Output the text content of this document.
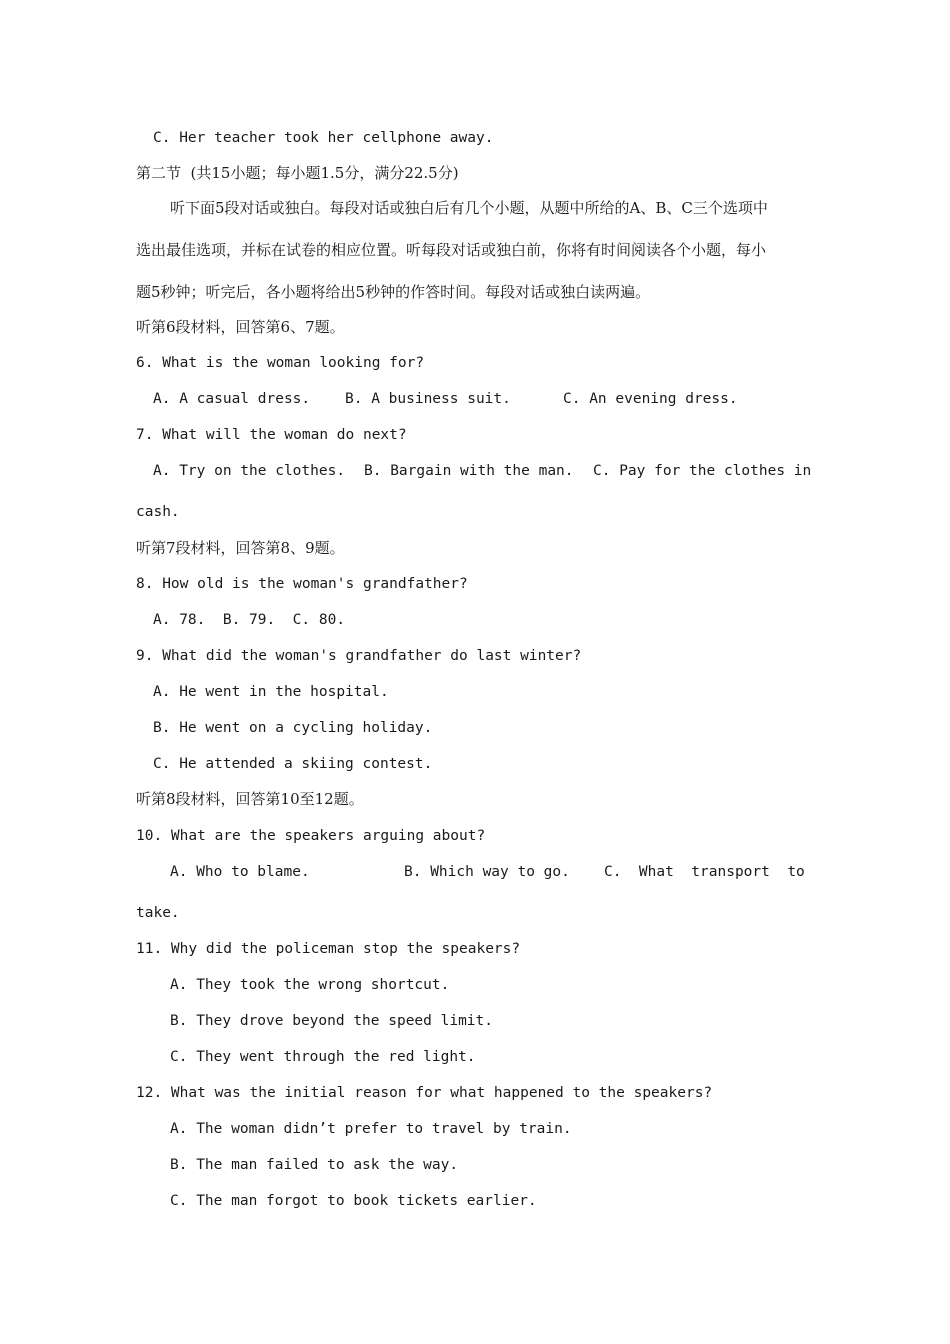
C. Her teacher took her cellphone away.
第二节  (共15小题；每小题1.5分，满分22.5分)
听下面5段对话或独白。每段对话或独白后有几个小题，从题中所给的A、B、C三个选项中
选出最佳选项，并标在试卷的相应位置。听每段对话或独白前，你将有时间阅读各个小题，每小
题5秒钟；听完后，各小题将给出5秒钟的作答时间。每段对话或独白读两遍。
听第6段材料，回答第6、7题。
6. What is the woman looking for?

A. A casual dress.

B. A business suit.

	C. An evening dress.

7. What will the woman do next?

A. Try on the clothes.

B. Bargain with the man.

C. Pay for the clothes in

cash.
听第7段材料，回答第8、9题。
8. How old is the woman's grandfather?
A. 78.  B. 79.  C. 80.
9. What did the woman's grandfather do last winter?
A. He went in the hospital.
B. He went on a cycling holiday.
C. He attended a skiing contest.
听第8段材料，回答第10至12题。
10. What are the speakers arguing about?

A. Who to blame.

	B. Which way to go.

C.  What  transport  to

take.
11. Why did the policeman stop the speakers?
A. They took the wrong shortcut.
B. They drove beyond the speed limit.
C. They went through the red light.
12. What was the initial reason for what happened to the speakers?
A. The woman didn’t prefer to travel by train.
B. The man failed to ask the way.
C. The man forgot to book tickets earlier.
